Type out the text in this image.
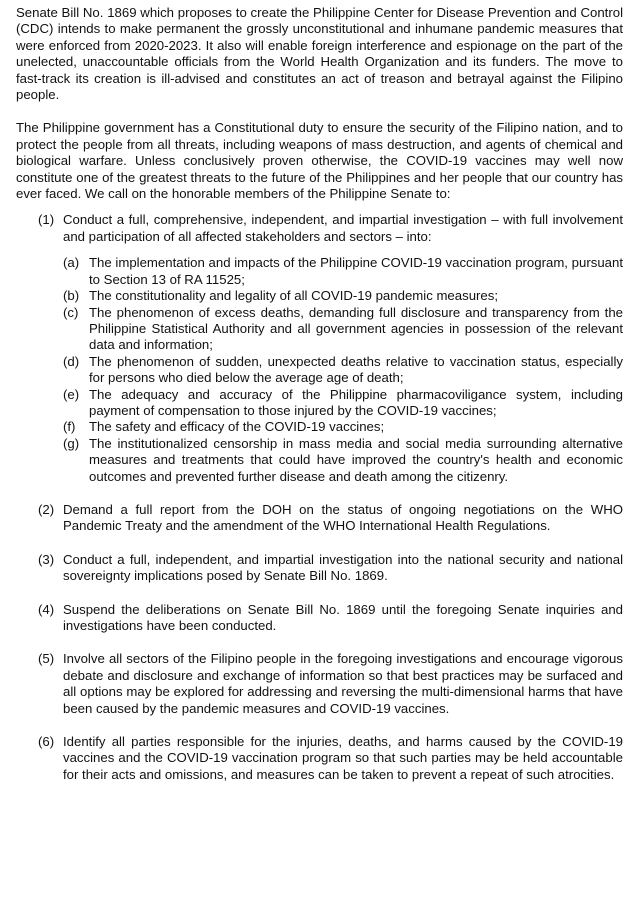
Senate Bill No. 1869 which proposes to create the Philippine Center for Disease Prevention and Control (CDC) intends to make permanent the grossly unconstitutional and inhumane pandemic measures that were enforced from 2020-2023. It also will enable foreign interference and espionage on the part of the unelected, unaccountable officials from the World Health Organization and its funders. The move to fast-track its creation is ill-advised and constitutes an act of treason and betrayal against the Filipino people.

The Philippine government has a Constitutional duty to ensure the security of the Filipino nation, and to protect the people from all threats, including weapons of mass destruction, and agents of chemical and biological warfare. Unless conclusively proven otherwise, the COVID-19 vaccines may well now constitute one of the greatest threats to the future of the Philippines and her people that our country has ever faced. We call on the honorable members of the Philippine Senate to:

(1) Conduct a full, comprehensive, independent, and impartial investigation – with full involvement and participation of all affected stakeholders and sectors – into:
(a) The implementation and impacts of the Philippine COVID-19 vaccination program, pursuant to Section 13 of RA 11525;
(b) The constitutionality and legality of all COVID-19 pandemic measures;
(c) The phenomenon of excess deaths, demanding full disclosure and transparency from the Philippine Statistical Authority and all government agencies in possession of the relevant data and information;
(d) The phenomenon of sudden, unexpected deaths relative to vaccination status, especially for persons who died below the average age of death;
(e) The adequacy and accuracy of the Philippine pharmacoviligance system, including payment of compensation to those injured by the COVID-19 vaccines;
(f)	The safety and efficacy of the COVID-19 vaccines;
(g) The institutionalized censorship in mass media and social media surrounding alternative measures and treatments that could have improved the country's health and economic outcomes and prevented further disease and death among the citizenry.
(2) Demand a full report from the DOH on the status of ongoing negotiations on the WHO Pandemic Treaty and the amendment of the WHO International Health Regulations.
(3) Conduct a full, independent, and impartial investigation into the national security and national sovereignty implications posed by Senate Bill No. 1869.
(4) Suspend the deliberations on Senate Bill No. 1869 until the foregoing Senate inquiries and investigations have been conducted.
(5) Involve all sectors of the Filipino people in the foregoing investigations and encourage vigorous debate and disclosure and exchange of information so that best practices may be surfaced and all options may be explored for addressing and reversing the multi-dimensional harms that have been caused by the pandemic measures and COVID-19 vaccines.
(6) Identify all parties responsible for the injuries, deaths, and harms caused by the COVID-19 vaccines and the COVID-19 vaccination program so that such parties may be held accountable for their acts and omissions, and measures can be taken to prevent a repeat of such atrocities.
